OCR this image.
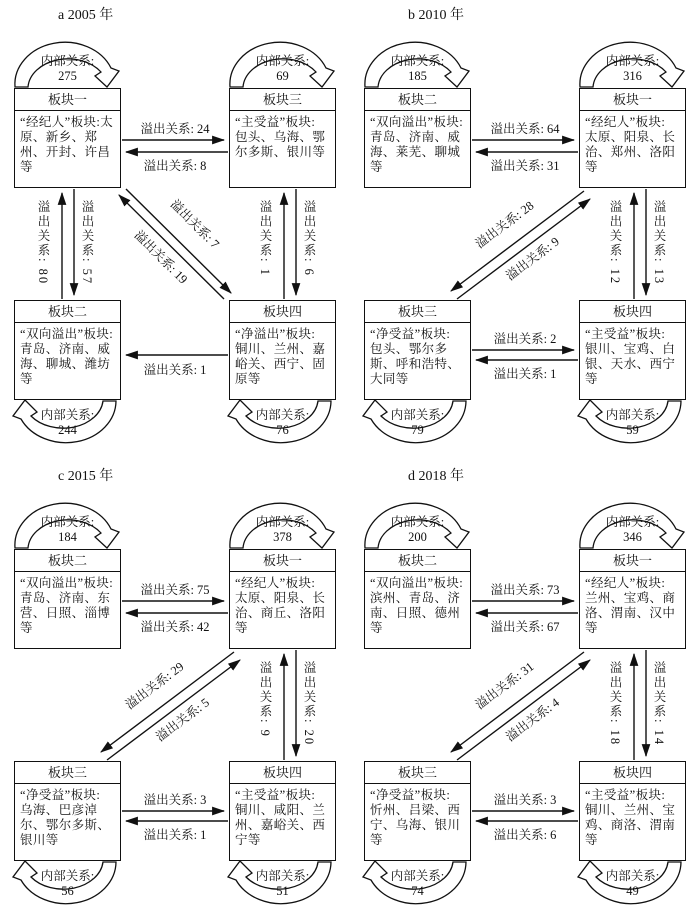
溢出关系: 7
溢出关系: 19
a 2005 年
板块一
“经纪人”板块:太原、新乡、郑州、开封、许昌等
板块三
“主受益”板块: 包头、乌海、鄂尔多斯、银川等
板块二
“双向溢出”板块: 青岛、济南、威海、聊城、潍坊等
板块四
“净溢出”板块: 铜川、兰州、嘉峪关、西宁、固原等
内部关系:
275
内部关系:
69
内部关系:
244
内部关系:
76
溢出关系: 24
溢出关系: 8
溢出关系: 1
溢出关系: 80 溢出关系: 57	溢出关系: 1 溢出关系: 6	溢出关系: 28
溢出关系: 9
b 2010 年
板块二
“双向溢出”板块: 青岛、济南、威海、莱芜、聊城等
板块一
“经纪人”板块: 太原、阳泉、长治、郑州、洛阳等
板块三
“净受益”板块: 包头、鄂尔多斯、呼和浩特、大同等
板块四
“主受益”板块: 银川、宝鸡、白银、天水、西宁等
内部关系:
185
内部关系:
316
内部关系:
79
内部关系:
59
溢出关系: 64
溢出关系: 31
溢出关系: 2
溢出关系: 1
溢出关系: 12 溢出关系: 13
溢出关系: 29
溢出关系: 5
c 2015 年
板块二
“双向溢出”板块:青岛、济南、东营、日照、淄博等
板块一
“经纪人”板块: 太原、阳泉、长治、商丘、洛阳等
板块三
“净受益”板块: 乌海、巴彦淖尔、鄂尔多斯、银川等
板块四
“主受益”板块: 铜川、咸阳、兰州、嘉峪关、西宁等
内部关系:
184
内部关系:
378
内部关系:
56
内部关系:
51
溢出关系: 75
溢出关系: 42
溢出关系: 3
溢出关系: 1
溢出关系: 9 溢出关系: 20	溢出关系: 31
溢出关系: 4
d 2018 年
板块二
“双向溢出”板块: 滨州、青岛、济南、日照、德州等
板块一
“经纪人”板块: 兰州、宝鸡、商洛、渭南、汉中等
板块三
“净受益”板块: 忻州、吕梁、西宁、乌海、银川等
板块四
“主受益”板块: 铜川、兰州、宝鸡、商洛、渭南等
内部关系:
200
内部关系:
346
内部关系:
74
内部关系:
49
溢出关系: 73
溢出关系: 67
溢出关系: 3
溢出关系: 6
溢出关系: 18 溢出关系: 14
